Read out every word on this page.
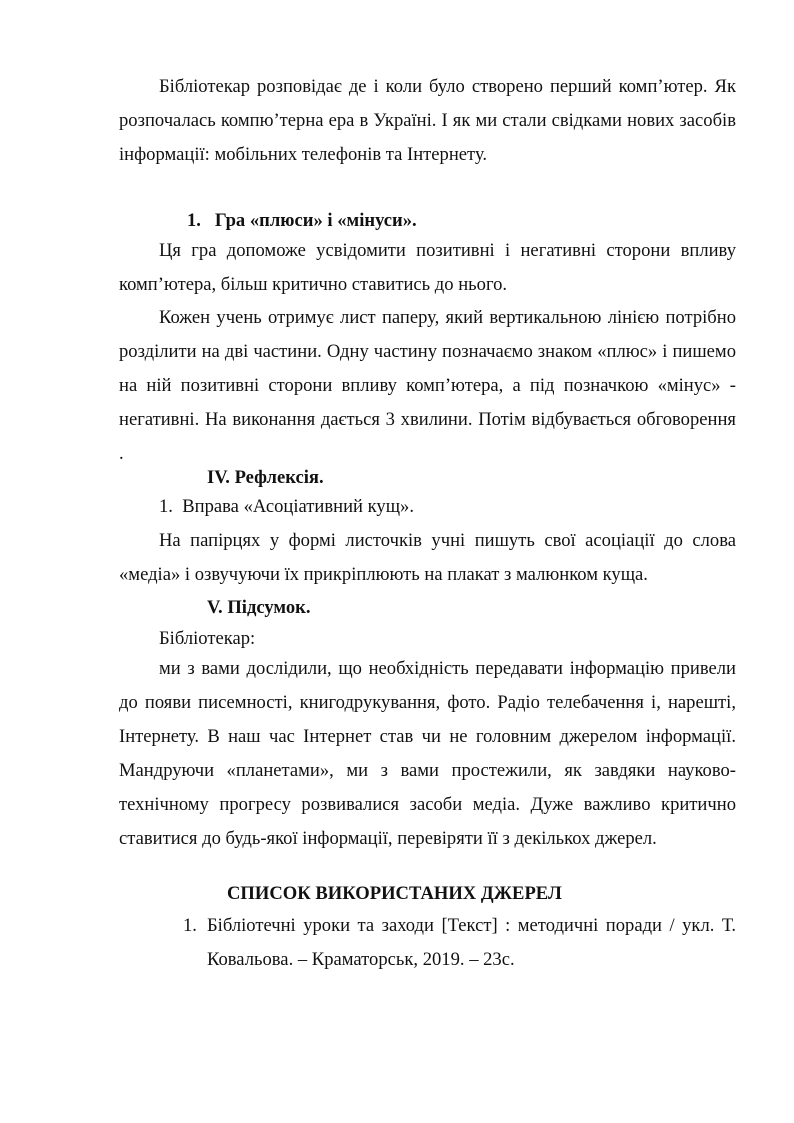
Бібліотекар розповідає де і коли було створено перший комп’ютер. Як розпочалась компю’терна ера в Україні. І як ми стали свідками нових засобів інформації: мобільних телефонів та Інтернету.

1. Гра «плюси» і «мінуси».

Ця гра допоможе усвідомити позитивні і негативні сторони впливу комп’ютера, більш критично ставитись до нього.

Кожен учень отримує лист паперу, який вертикальною лінією потрібно розділити на дві частини. Одну частину позначаємо знаком «плюс» і пишемо на ній позитивні сторони впливу комп’ютера, а під позначкою «мінус» - негативні. На виконання дається 3 хвилини. Потім відбувається обговорення .

ІV. Рефлексія.
1. Вправа «Асоціативний кущ».

На папірцях у формі листочків учні пишуть свої асоціації до слова «медіа» і озвучуючи їх прикріплюють на плакат з малюнком куща.

V. Підсумок.

Бібліотекар:

ми з вами дослідили, що необхідність передавати інформацію привели до появи писемності, книгодрукування, фото. Радіо телебачення і, нарешті, Інтернету. В наш час Інтернет став чи не головним джерелом інформації. Мандруючи «планетами», ми з вами простежили, як завдяки науково-технічному прогресу розвивалися засоби медіа. Дуже важливо критично ставитися до будь-якої інформації, перевіряти її з декількох джерел.

СПИСОК ВИКОРИСТАНИХ ДЖЕРЕЛ
1. Бібліотечні уроки та заходи [Текст] : методичні поради / укл. Т. Ковальова. – Краматорськ, 2019. – 23с.
